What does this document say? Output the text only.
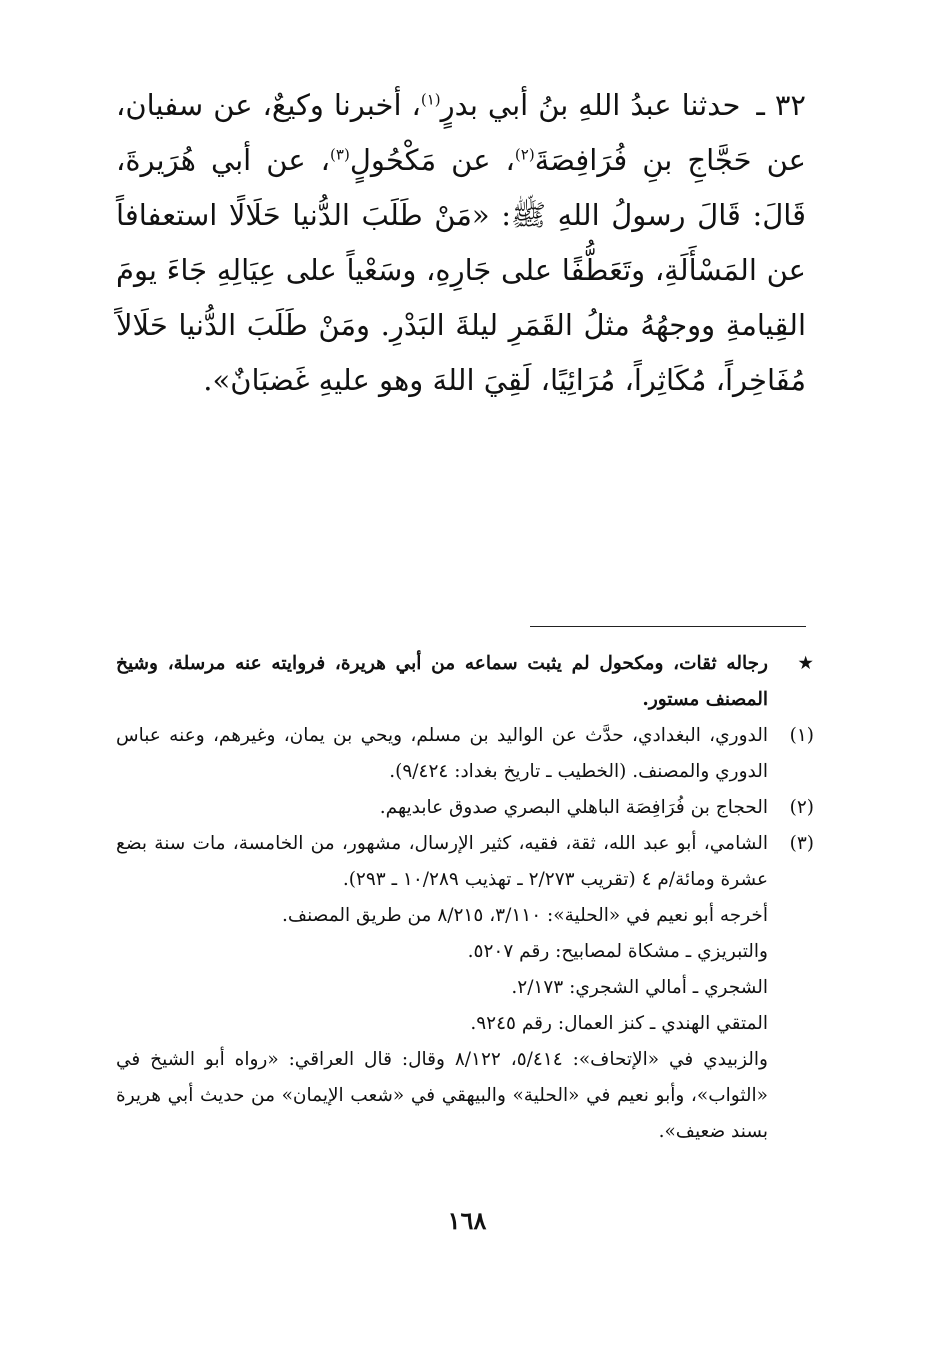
٣٢ ـ حدثنا عبدُ اللهِ بنُ أبي بدرٍ$^{(١)}$، أخبرنا وكيعٌ، عن سفيان، عن حَجَّاجِ بنِ فُرَافِصَةَ$^{(٢)}$، عن مَكْحُولٍ$^{(٣)}$، عن أبي هُرَيرةَ، قَالَ: قَالَ رسولُ اللهِ ﷺ: «مَنْ طَلَبَ الدُّنيا حَلَالًا استعفافاً عن المَسْأَلَةِ، وتَعَطُّفًا على جَارِهِ، وسَعْياً على عِيَالِهِ جَاءَ يومَ القِيامةِ ووجهُهُ مثلُ القَمَرِ ليلةَ البَدْرِ. ومَنْ طَلَبَ الدُّنيا حَلَالاً مُفَاخِراً، مُكَاثِراً، مُرَائِيًا، لَقِيَ اللهَ وهو عليهِ غَضبَانٌ».

★
رجاله ثقات، ومكحول لم يثبت سماعه من أبي هريرة، فروايته عنه مرسلة، وشيخ المصنف مستور.
(١)
الدوري، البغدادي، حدَّث عن الواليد بن مسلم، ويحي بن يمان، وغيرهم، وعنه عباس الدوري والمصنف. (الخطيب ـ تاريخ بغداد: ٩/٤٢٤).
(٢)
الحجاج بن فُرَافِصَة الباهلي البصري صدوق عابديهم.
(٣)
الشامي، أبو عبد الله، ثقة، فقيه، كثير الإرسال، مشهور، من الخامسة، مات سنة بضع عشرة ومائة/م ٤ (تقريب ٢/٢٧٣ ـ تهذيب ١٠/٢٨٩ ـ ٢٩٣).
أخرجه أبو نعيم في «الحلية»: ٣/١١٠، ٨/٢١٥ من طريق المصنف.
والتبريزي ـ مشكاة لمصابيح: رقم ٥٢٠٧.
الشجري ـ أمالي الشجري: ٢/١٧٣.
المتقي الهندي ـ كنز العمال: رقم ٩٢٤٥.
والزبيدي في «الإتحاف»: ٥/٤١٤، ٨/١٢٢ وقال: قال العراقي: «رواه أبو الشيخ في «الثواب»، وأبو نعيم في «الحلية» والبيهقي في «شعب الإيمان» من حديث أبي هريرة بسند ضعيف».
١٦٨
